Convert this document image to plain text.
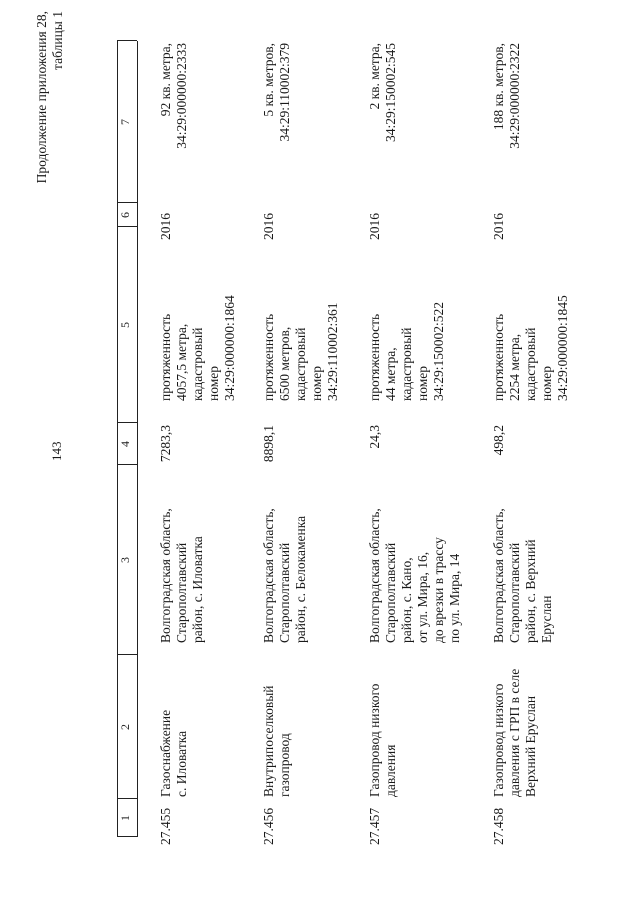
143
Продолжение приложения 28,
таблицы 1
1
2
3
4
5
6
7
27.455
Газоснабжение
с. Иловатка
Волгоградская область,
Старополтавский
район, с. Иловатка
7283,3
протяженность
4057,5 метра,
кадастровый
номер
34:29:000000:1864
2016
92 кв. метра,
34:29:000000:2333
27.456
Внутрипоселковый
газопровод
Волгоградская область,
Старополтавский
район, с. Белокаменка
8898,1
протяженность
6500 метров,
кадастровый
номер
34:29:110002:361
2016
5 кв. метров,
34:29:110002:379
27.457
Газопровод низкого
давления
Волгоградская область,
Старополтавский
район, с. Кано,
от ул. Мира, 16,
до врезки в трассу
по ул. Мира, 14
24,3
протяженность
44 метра,
кадастровый
номер
34:29:150002:522
2016
2 кв. метра,
34:29:150002:545
27.458
Газопровод низкого
давления с ГРП в селе
Верхний Еруслан
Волгоградская область,
Старополтавский
район, с. Верхний
Еруслан
498,2
протяженность
2254 метра,
кадастровый
номер
34:29:000000:1845
2016
188 кв. метров,
34:29:000000:2322
